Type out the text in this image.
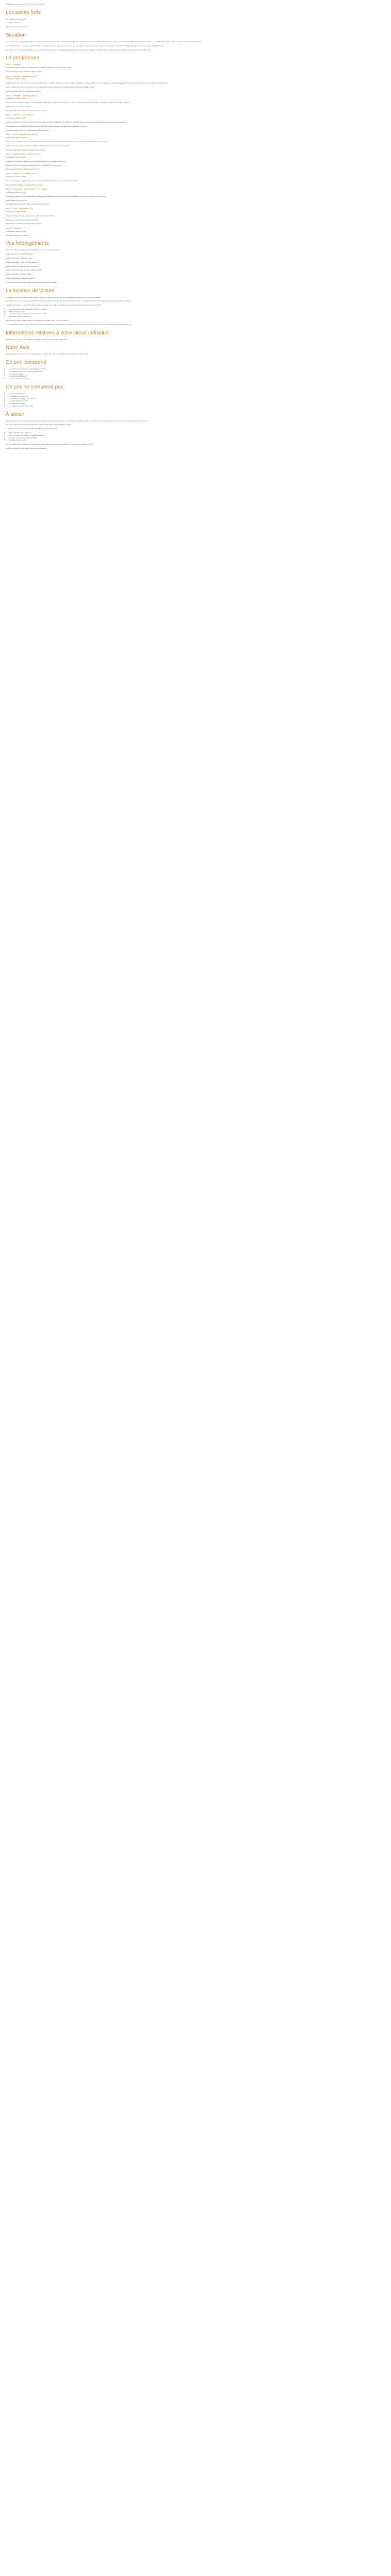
Description à ce qui comprend » Ce prix ne comprend pas
Les points forts

Les paysages exceptionnels

Les plages sans foule

Expérience du soleil de minuit

Situation

Lieu vers lequel on est pendant voyages au Nord du soleil de minuit, presque complètement à la pointe nord de la Norvège, où la nature sauvage et les paysages spectaculaires offrent une expérience unique. Les températures sont agréables en été et les journées sont longues.

Les destinations de ce voyage sont situées le long de la côte nord de la Norvège, du cap Nord aux îles Lofoten, en passant par les fjords et les montagnes. Vous découvrirez les villages de pêcheurs, les îles et la culture sami.

Vous vivrez des moments inoubliables au cœur de la nature arctique, entre les plages de sable blanc et les sommets enneigés, et profiterez de la lumière du soleil de minuit qui éclaire le paysage 24h sur 24.

Le programme
JOUR 1 – TROMSØ

Arrivée à l'aéroport de Tromsø, récupération du véhicule de location et route vers votre hôtel.

Nuit à l'hôtel Thon Polar ou similaire dans la région.

JOUR 2 – TROMSØ – FINNSNES (151 km)

Petit déjeuner buffet à l'hôtel.

Suggestion de visite : Découverte de Tromsø, la capitale de l'Arctique, véritable cœur de toutes les expéditions nordiques. Entre mer et montagnes, avec l'île de Kvaløya à l'ouest de la ville, profitez de la vue depuis le téléphérique.

Départ en direction de Finnsnes et de l'île de Senja, deuxième plus grande île de Norvège, réputée pour ses paysages variés.

Nuit au Finnsnes Hotel ou similaire dans la région.

JOUR 3 – FINNSNES – KVALØYA (230 km)

Petit déjeuner buffet à l'hôtel.

Journée de découverte de Senja, la route touristique nationale qui longe la côte ouest de l'île, avec ses points de vue spectaculaires : Bergsbotn, Tungeneset, Ersfjord, Mefjord.

En fin de journée, retour à Kvaløya.

Nuit à l'hôtel Tromsø Kvaløya ou similaire dans la région.

JOUR 4 – KVALØYA – ALTA (395 km)

Petit déjeuner buffet à l'hôtel.

Route en direction du nord et du comté du Finnmark avec un arrêt possible dans le village de Lyngseidet. Découvrez les Alpes de Lyngen et leurs sommets spectaculaires.

Arrivée à Alta en fin de journée, réputée pour ses gravures rupestres classées au patrimoine mondial de l'UNESCO.

Nuit au Best Western Nordic Hotel ou similaire dans la région.

JOUR 5 – ALTA – HONNINGSVÅG (211 km)

Petit déjeuner buffet à l'hôtel.

Départ pour le Cap Nord, point le plus septentrional de l'Europe continentale. En chemin, découvrez le plateau de Finnmarksvidda et ses rennes.

À partir d'ici, vous pourrez profiter du soleil de minuit au Cap Nord (du 14 mai au 31 juillet).

Nuit au Scandic Honningsvåg ou similaire dans la région.

JOUR 6 – HONNINGSVÅG – LAKSELV (211 km)

Petit déjeuner buffet à l'hôtel.

Suggestion de visite : le village de pêcheurs de Kamøyvær et le musée du Cap Nord.

Route vers Lakselv, au bout du Porsangerfjord, le plus grand fjord de la région.

Nuit au Lakselv Hotel ou similaire dans la région.

JOUR 7 – LAKSELV – KARASJOK (74 km)

Petit déjeuner buffet à l'hôtel.

Départ vers Karasjok, capitale de la culture sami. Visite du Parlement sami et du centre culturel Sápmi.

Nuit au Scandic Karasjok ou similaire dans la région.

JOUR 8 – KARASJOK – KAUTOKEINO – ALTA (355 km)

Petit déjeuner buffet à l'hôtel.

Traversée du plateau de Finnmarksvidda en direction de Kautokeino, deuxième centre de la culture sami. Découvrez l'atelier d'orfèvrerie Juhls.

Retour à Alta en fin de journée.

Nuit au Best Western Nordic Hotel ou similaire dans la région.

JOUR 9 – ALTA – TROMSØ (367 km)

Petit déjeuner buffet à l'hôtel.

Route vers Tromsø le long des fjords avec arrêt possible au Storslett.

Restitution du véhicule de location à l'aéroport.

Nuit à l'hôtel Thon Polar ou similaire dans la région.

JOUR 10 – TROMSØ

Petit déjeuner buffet à l'hôtel.

Transfert à l'aéroport et vol retour.

Vos hébergements

Hôtels 3* ou 4* (ou similaire) selon disponibilité au moment de la réservation :

Région de Tromsø : Hôtel Thon Polar 3*

Région de Finnsnes : Finnsnes Hotel 3*

Région de Kvaløya : Hôtel Tromsø Kvaløya 3*

Région de Alta : Best Western Nordic Hotel 4*

Région de Honningsvåg : Scandic Honningsvåg 3*

Région de Lakselv : Lakselv Hotel 3*

Région de Karasjok : Scandic Karasjok 3*

La liste des hôtels est communiquée à titre indicatif et peut être modifiée.

La location de voiture

La location de voiture se fait en mode « prise et retour » à l'aéroport de Tromsø chez le partenaire sélectionné lors de votre réservation.

Cet itinéraire prévoit un minimum de 2 300 km pour votre location de voiture. En cas de réservation tardive, le supplément sur le kilométrage illimité sera facturé à titre sur place.

Conditions de location : permis de conduire depuis au moins 1 an, carte de crédit au nom du conducteur principal, âge minimum 21 ans.

• Le carburant n'est pas inclus dans le prix de la location
• Siège enfant en option
• Les péages et les frais de ferry sont à régler sur place
• Assurance incluse : CDW et TP

Dans le cas où vous souhaitez ajouter un deuxième conducteur, merci de nous contacter.

Les conditions de location et les assurances de chaque véhicule sont précisées dans le contrat de location remis par le loueur. Nous vous recommandons de les lire attentivement.

Informations relatives à votre circuit individuel

Conditions en moyenne : ciel nuageux à dégagé, températures douces entre 10 et 20 °C.

Notre Avis

Un circuit idéal pour découvrir la Norvège arctique en liberté, entre nature sauvage et rencontres avec la culture sami.

Ce prix comprend
• La location d'une voiture de catégorie B pour 9 jours
• Les nuits en hôtels 3* ou 4* avec petit-déjeuner
• Le carnet de voyage
• L'assistance 24h/24 et 7j/7
• Les taxes et frais de dossier
Ce prix ne comprend pas
• Les vols internationaux
• Les repas non mentionnés
• Le carburant, les péages et les ferries
• Les dépenses personnelles
• Les assurances voyage
• Les visites et activités optionnelles
À savoir

En haute saison, il est recommandé de réserver les hôtels plusieurs mois à l'avance. Les distances sont longues entre les étapes et les routes peuvent être sinueuses, prévoyez suffisamment de temps.

Les rennes sont fréquemment présents sur les routes du Finnmark, soyez vigilants au volant.

Le soleil de minuit est visible au Cap Nord du 14 mai au 31 juillet environ.

• Pièce d'identité valide obligatoire
• Carte européenne d'assurance maladie conseillée
• Monnaie : couronne norvégienne (NOK)
• Décalage horaire : aucun

Les informations de ce programme sont données à titre indicatif et peuvent être modifiées en fonction des conditions locales.

Pour toute question, notre équipe reste à votre disposition.
